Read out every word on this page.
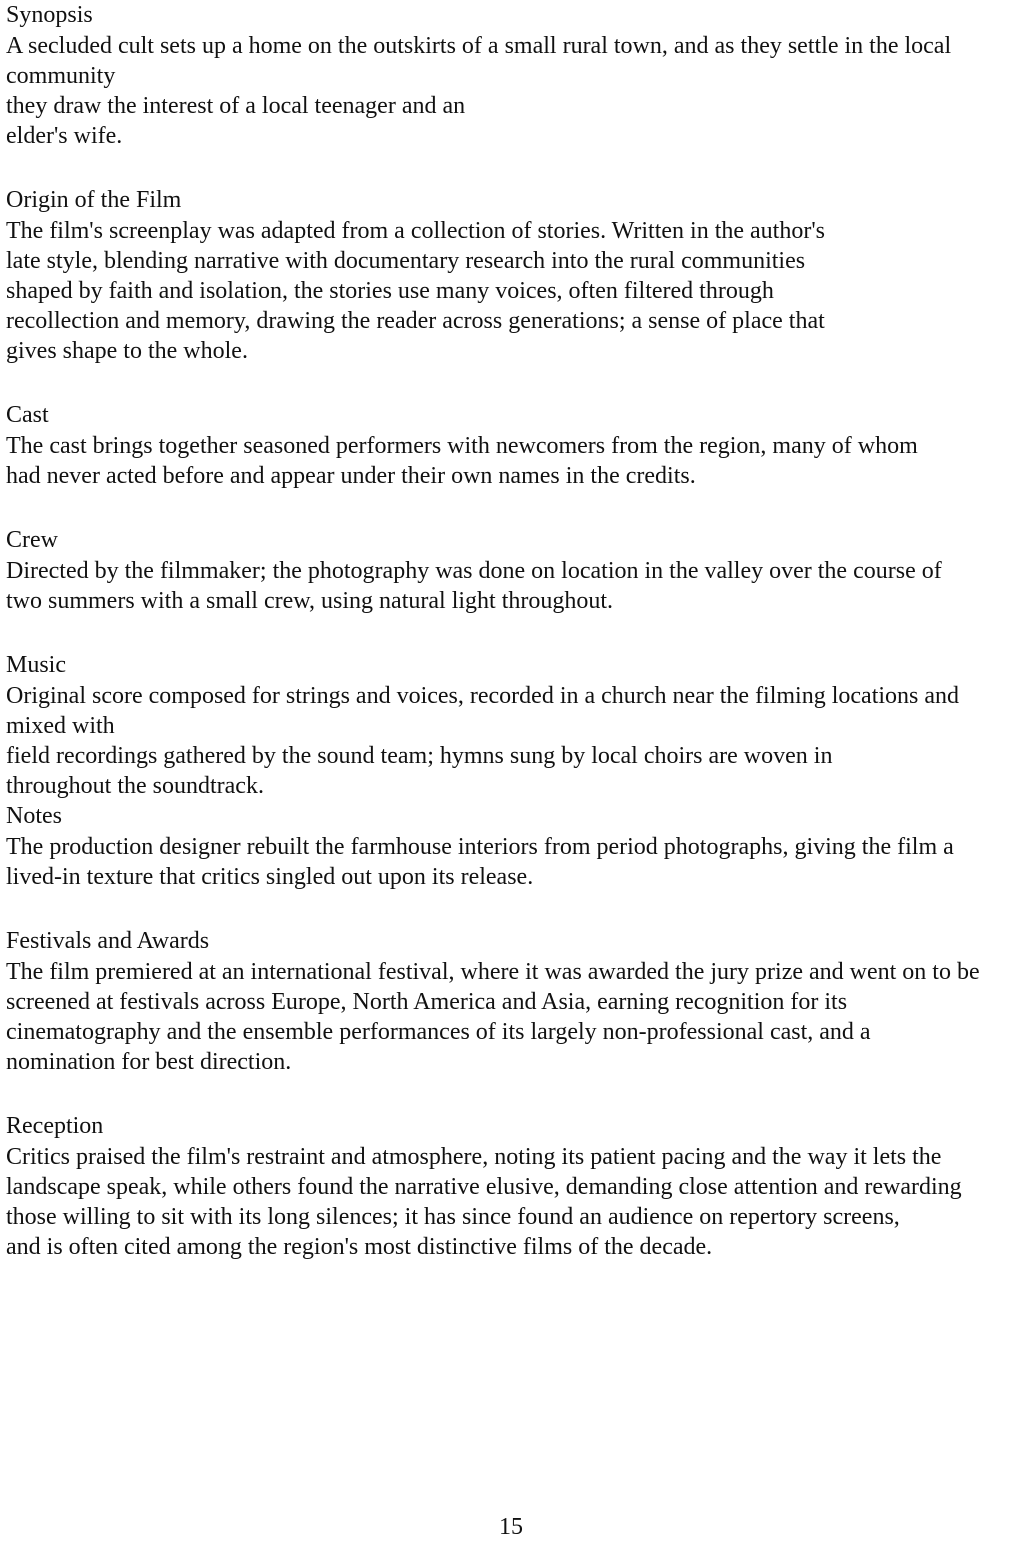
Synopsis
A secluded cult sets up a home on the outskirts of a small rural town, and as they settle in the local community
they draw the interest of a local teenager and an
elder's wife.
Origin of the Film
The film's screenplay was adapted from a collection of stories. Written in the author's
late style, blending narrative with documentary research into the rural communities
shaped by faith and isolation, the stories use many voices, often filtered through
recollection and memory, drawing the reader across generations; a sense of place that
gives shape to the whole.
Cast
The cast brings together seasoned performers with newcomers from the region, many of whom
had never acted before and appear under their own names in the credits.
Crew
Directed by the filmmaker; the photography was done on location in the valley over the course of
two summers with a small crew, using natural light throughout.
Music
Original score composed for strings and voices, recorded in a church near the filming locations and mixed with
field recordings gathered by the sound team; hymns sung by local choirs are woven in
throughout the soundtrack.
Notes
The production designer rebuilt the farmhouse interiors from period photographs, giving the film a
lived-in texture that critics singled out upon its release.
Festivals and Awards
The film premiered at an international festival, where it was awarded the jury prize and went on to be
screened at festivals across Europe, North America and Asia, earning recognition for its
cinematography and the ensemble performances of its largely non-professional cast, and a
nomination for best direction.
Reception
Critics praised the film's restraint and atmosphere, noting its patient pacing and the way it lets the
landscape speak, while others found the narrative elusive, demanding close attention and rewarding
those willing to sit with its long silences; it has since found an audience on repertory screens,
and is often cited among the region's most distinctive films of the decade.
15
